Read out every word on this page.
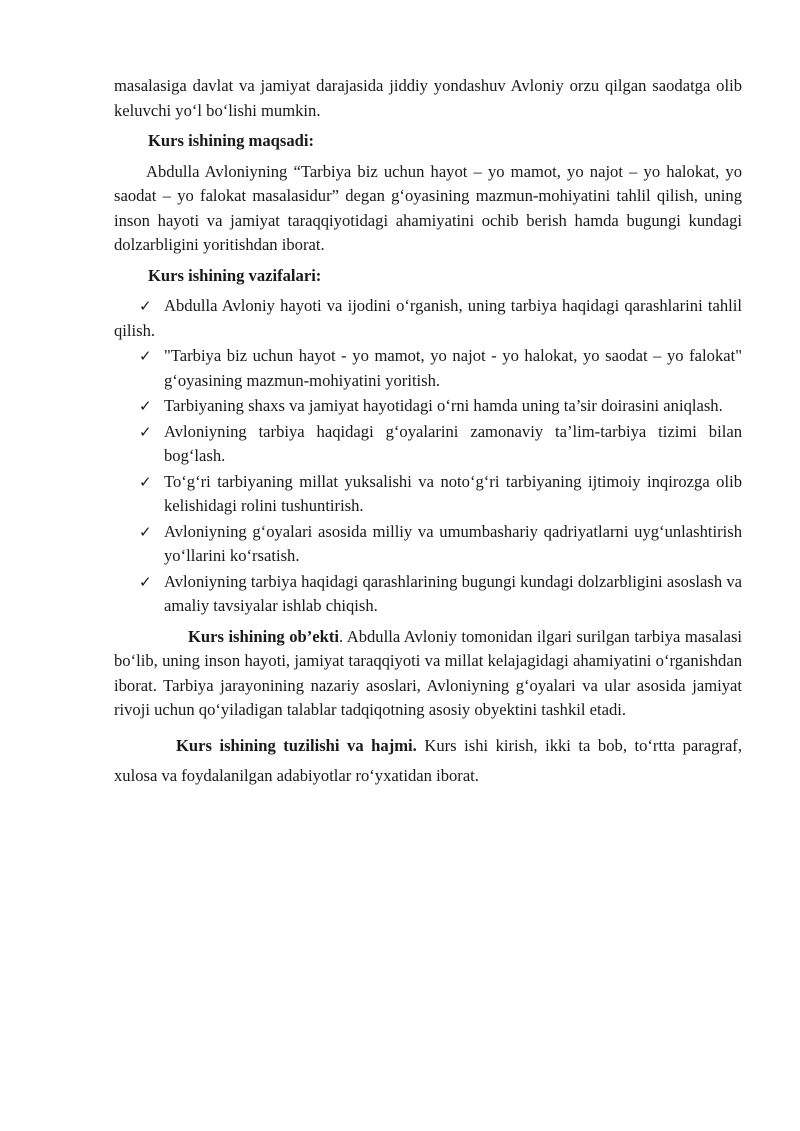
masalasiga davlat va jamiyat darajasida jiddiy yondashuv Avloniy orzu qilgan saodatga olib keluvchi yo‘l bo‘lishi mumkin.

Kurs ishining maqsadi:

Abdulla Avloniyning “Tarbiya biz uchun hayot – yo mamot, yo najot – yo halokat, yo saodat – yo falokat masalasidur” degan g‘oyasining mazmun-mohiyatini tahlil qilish, uning inson hayoti va jamiyat taraqqiyotidagi ahamiyatini ochib berish hamda bugungi kundagi dolzarbligini yoritishdan iborat.

Kurs ishining vazifalari:
✓ Abdulla Avloniy hayoti va ijodini o‘rganish, uning tarbiya haqidagi qarashlarini tahlil qilish.
✓ "Tarbiya biz uchun hayot - yo mamot, yo najot - yo halokat, yo saodat – yo falokat" g‘oyasining mazmun-mohiyatini yoritish.
✓ Tarbiyaning shaxs va jamiyat hayotidagi o‘rni hamda uning ta’sir doirasini aniqlash.
✓ Avloniyning tarbiya haqidagi g‘oyalarini zamonaviy ta’lim-tarbiya tizimi bilan bog‘lash.
✓ To‘g‘ri tarbiyaning millat yuksalishi va noto‘g‘ri tarbiyaning ijtimoiy inqirozga olib kelishidagi rolini tushuntirish.
✓ Avloniyning g‘oyalari asosida milliy va umumbashariy qadriyatlarni uyg‘unlashtirish yo‘llarini ko‘rsatish.
✓ Avloniyning tarbiya haqidagi qarashlarining bugungi kundagi dolzarbligini asoslash va amaliy tavsiyalar ishlab chiqish.

Kurs ishining ob’ekti. Abdulla Avloniy tomonidan ilgari surilgan tarbiya masalasi bo‘lib, uning inson hayoti, jamiyat taraqqiyoti va millat kelajagidagi ahamiyatini o‘rganishdan iborat. Tarbiya jarayonining nazariy asoslari, Avloniyning g‘oyalari va ular asosida jamiyat rivoji uchun qo‘yiladigan talablar tadqiqotning asosiy obyektini tashkil etadi.

Kurs ishining tuzilishi va hajmi. Kurs ishi kirish, ikki ta bob, to‘rtta paragraf, xulosa va foydalanilgan adabiyotlar ro‘yxatidan iborat.
